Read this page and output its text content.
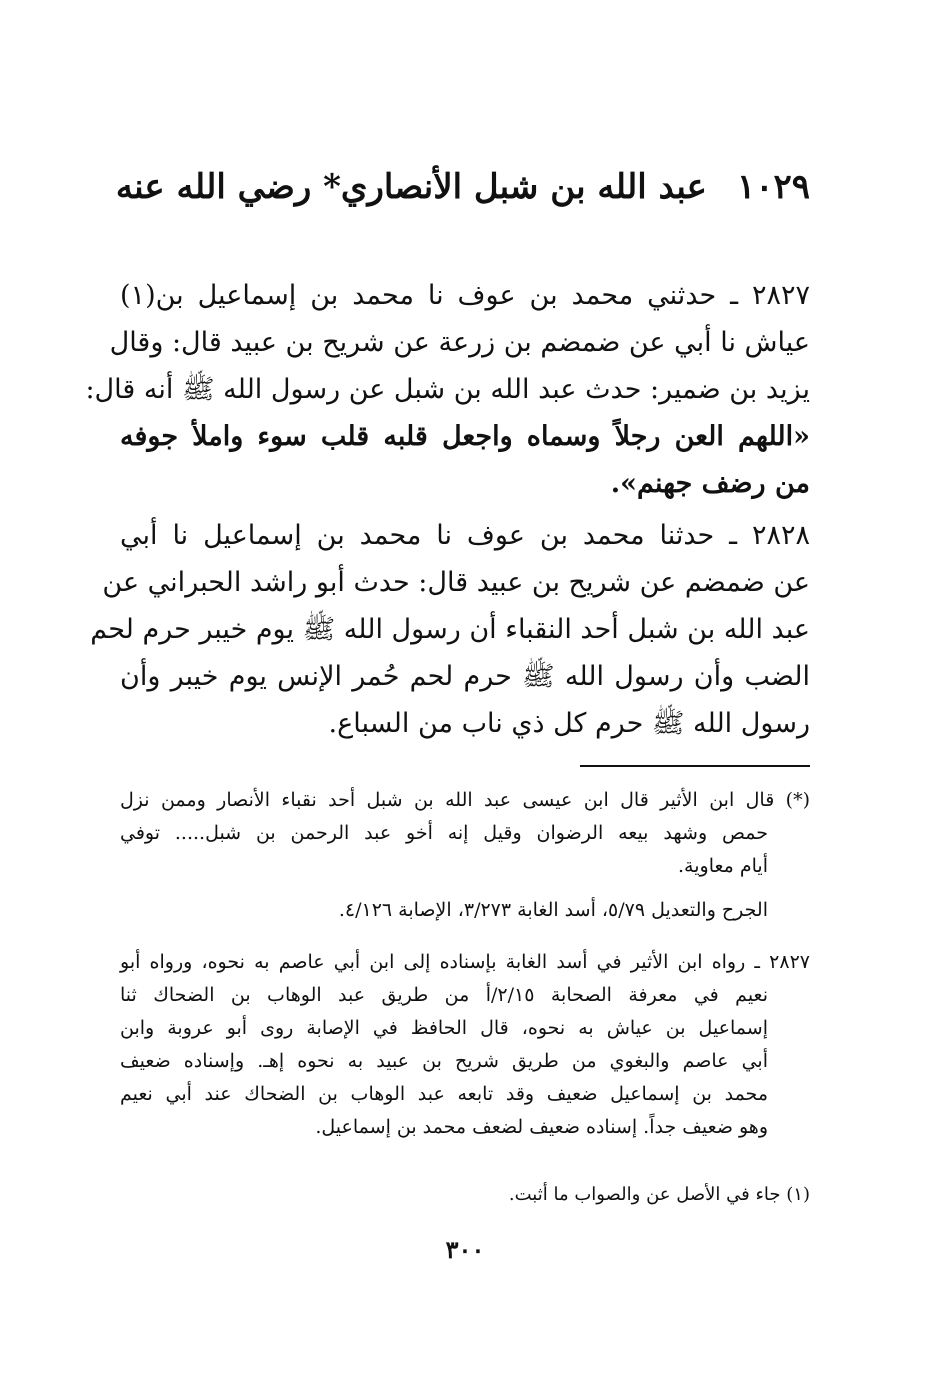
١٠٢٩عبد الله بن شبل الأنصاري* رضي الله عنه
٢٨٢٧ ـ حدثني محمد بن عوف نا محمد بن إسماعيل بن(١)
عياش نا أبي عن ضمضم بن زرعة عن شريح بن عبيد قال: وقال
يزيد بن ضمير: حدث عبد الله بن شبل عن رسول الله ﷺ أنه قال:
«اللهم العن رجلاً وسماه واجعل قلبه قلب سوء واملأ جوفه
من رضف جهنم».
٢٨٢٨ ـ حدثنا محمد بن عوف نا محمد بن إسماعيل نا أبي
عن ضمضم عن شريح بن عبيد قال: حدث أبو راشد الحبراني عن
عبد الله بن شبل أحد النقباء أن رسول الله ﷺ يوم خيبر حرم لحم
الضب وأن رسول الله ﷺ حرم لحم حُمر الإنس يوم خيبر وأن
رسول الله ﷺ حرم كل ذي ناب من السباع.
(*) قال ابن الأثير قال ابن عيسى عبد الله بن شبل أحد نقباء الأنصار وممن نزل
حمص وشهد بيعه الرضوان وقيل إنه أخو عبد الرحمن بن شبل..... توفي
أيام معاوية.
الجرح والتعديل ٥/٧٩، أسد الغابة ٣/٢٧٣، الإصابة ٤/١٢٦.
٢٨٢٧ ـ رواه ابن الأثير في أسد الغابة بإسناده إلى ابن أبي عاصم به نحوه، ورواه أبو
نعيم في معرفة الصحابة ٢/١٥/أ من طريق عبد الوهاب بن الضحاك ثنا
إسماعيل بن عياش به نحوه، قال الحافظ في الإصابة روى أبو عروبة وابن
أبي عاصم والبغوي من طريق شريح بن عبيد به نحوه إهـ. وإسناده ضعيف
محمد بن إسماعيل ضعيف وقد تابعه عبد الوهاب بن الضحاك عند أبي نعيم
وهو ضعيف جداً. إسناده ضعيف لضعف محمد بن إسماعيل.
(١) جاء في الأصل عن والصواب ما أثبت.
٣٠٠
